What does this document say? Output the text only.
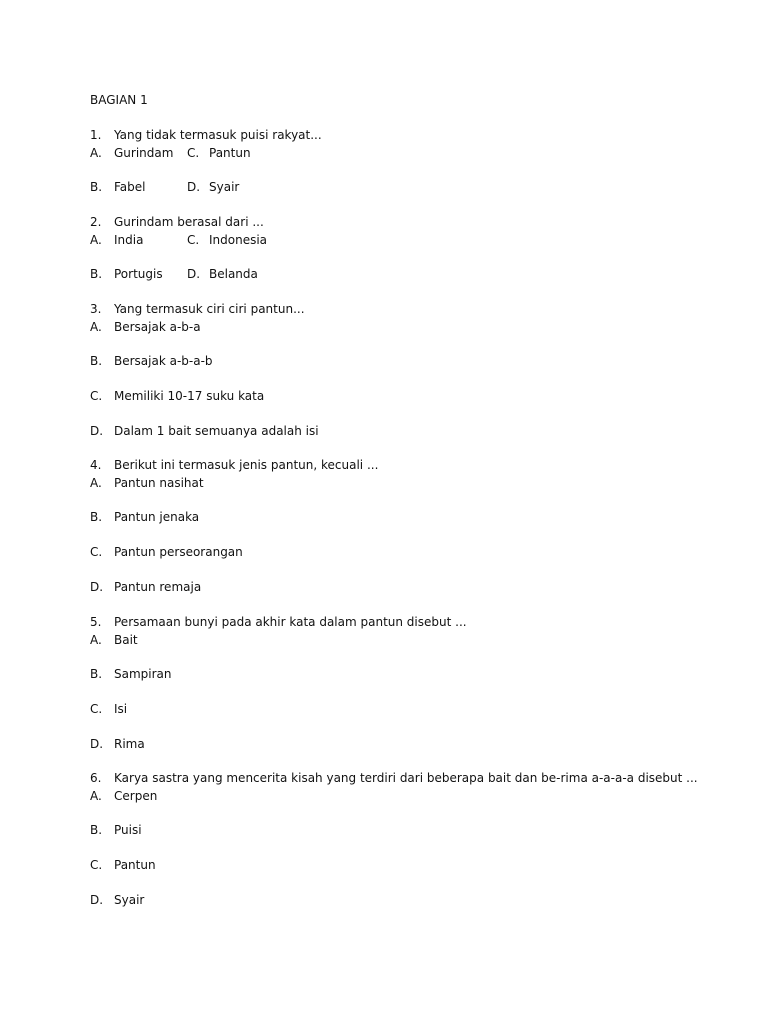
BAGIAN 1
1. Yang tidak termasuk puisi rakyat...
A. Gurindam C. Pantun
B. Fabel	D. Syair
2. Gurindam berasal dari ...
A. India	C. Indonesia
B. Portugis D. Belanda
3. Yang termasuk ciri ciri pantun...
A. Bersajak a-b-a
B. Bersajak a-b-a-b
C. Memiliki 10-17 suku kata
D. Dalam 1 bait semuanya adalah isi
4. Berikut ini termasuk jenis pantun, kecuali ...
A. Pantun nasihat
B. Pantun jenaka
C. Pantun perseorangan
D. Pantun remaja
5. Persamaan bunyi pada akhir kata dalam pantun disebut ...
A. Bait
B. Sampiran
C. Isi
D. Rima
6. Karya sastra yang mencerita kisah yang terdiri dari beberapa bait dan be-rima a-a-a-a disebut ...
A. Cerpen
B. Puisi
C. Pantun
D. Syair
